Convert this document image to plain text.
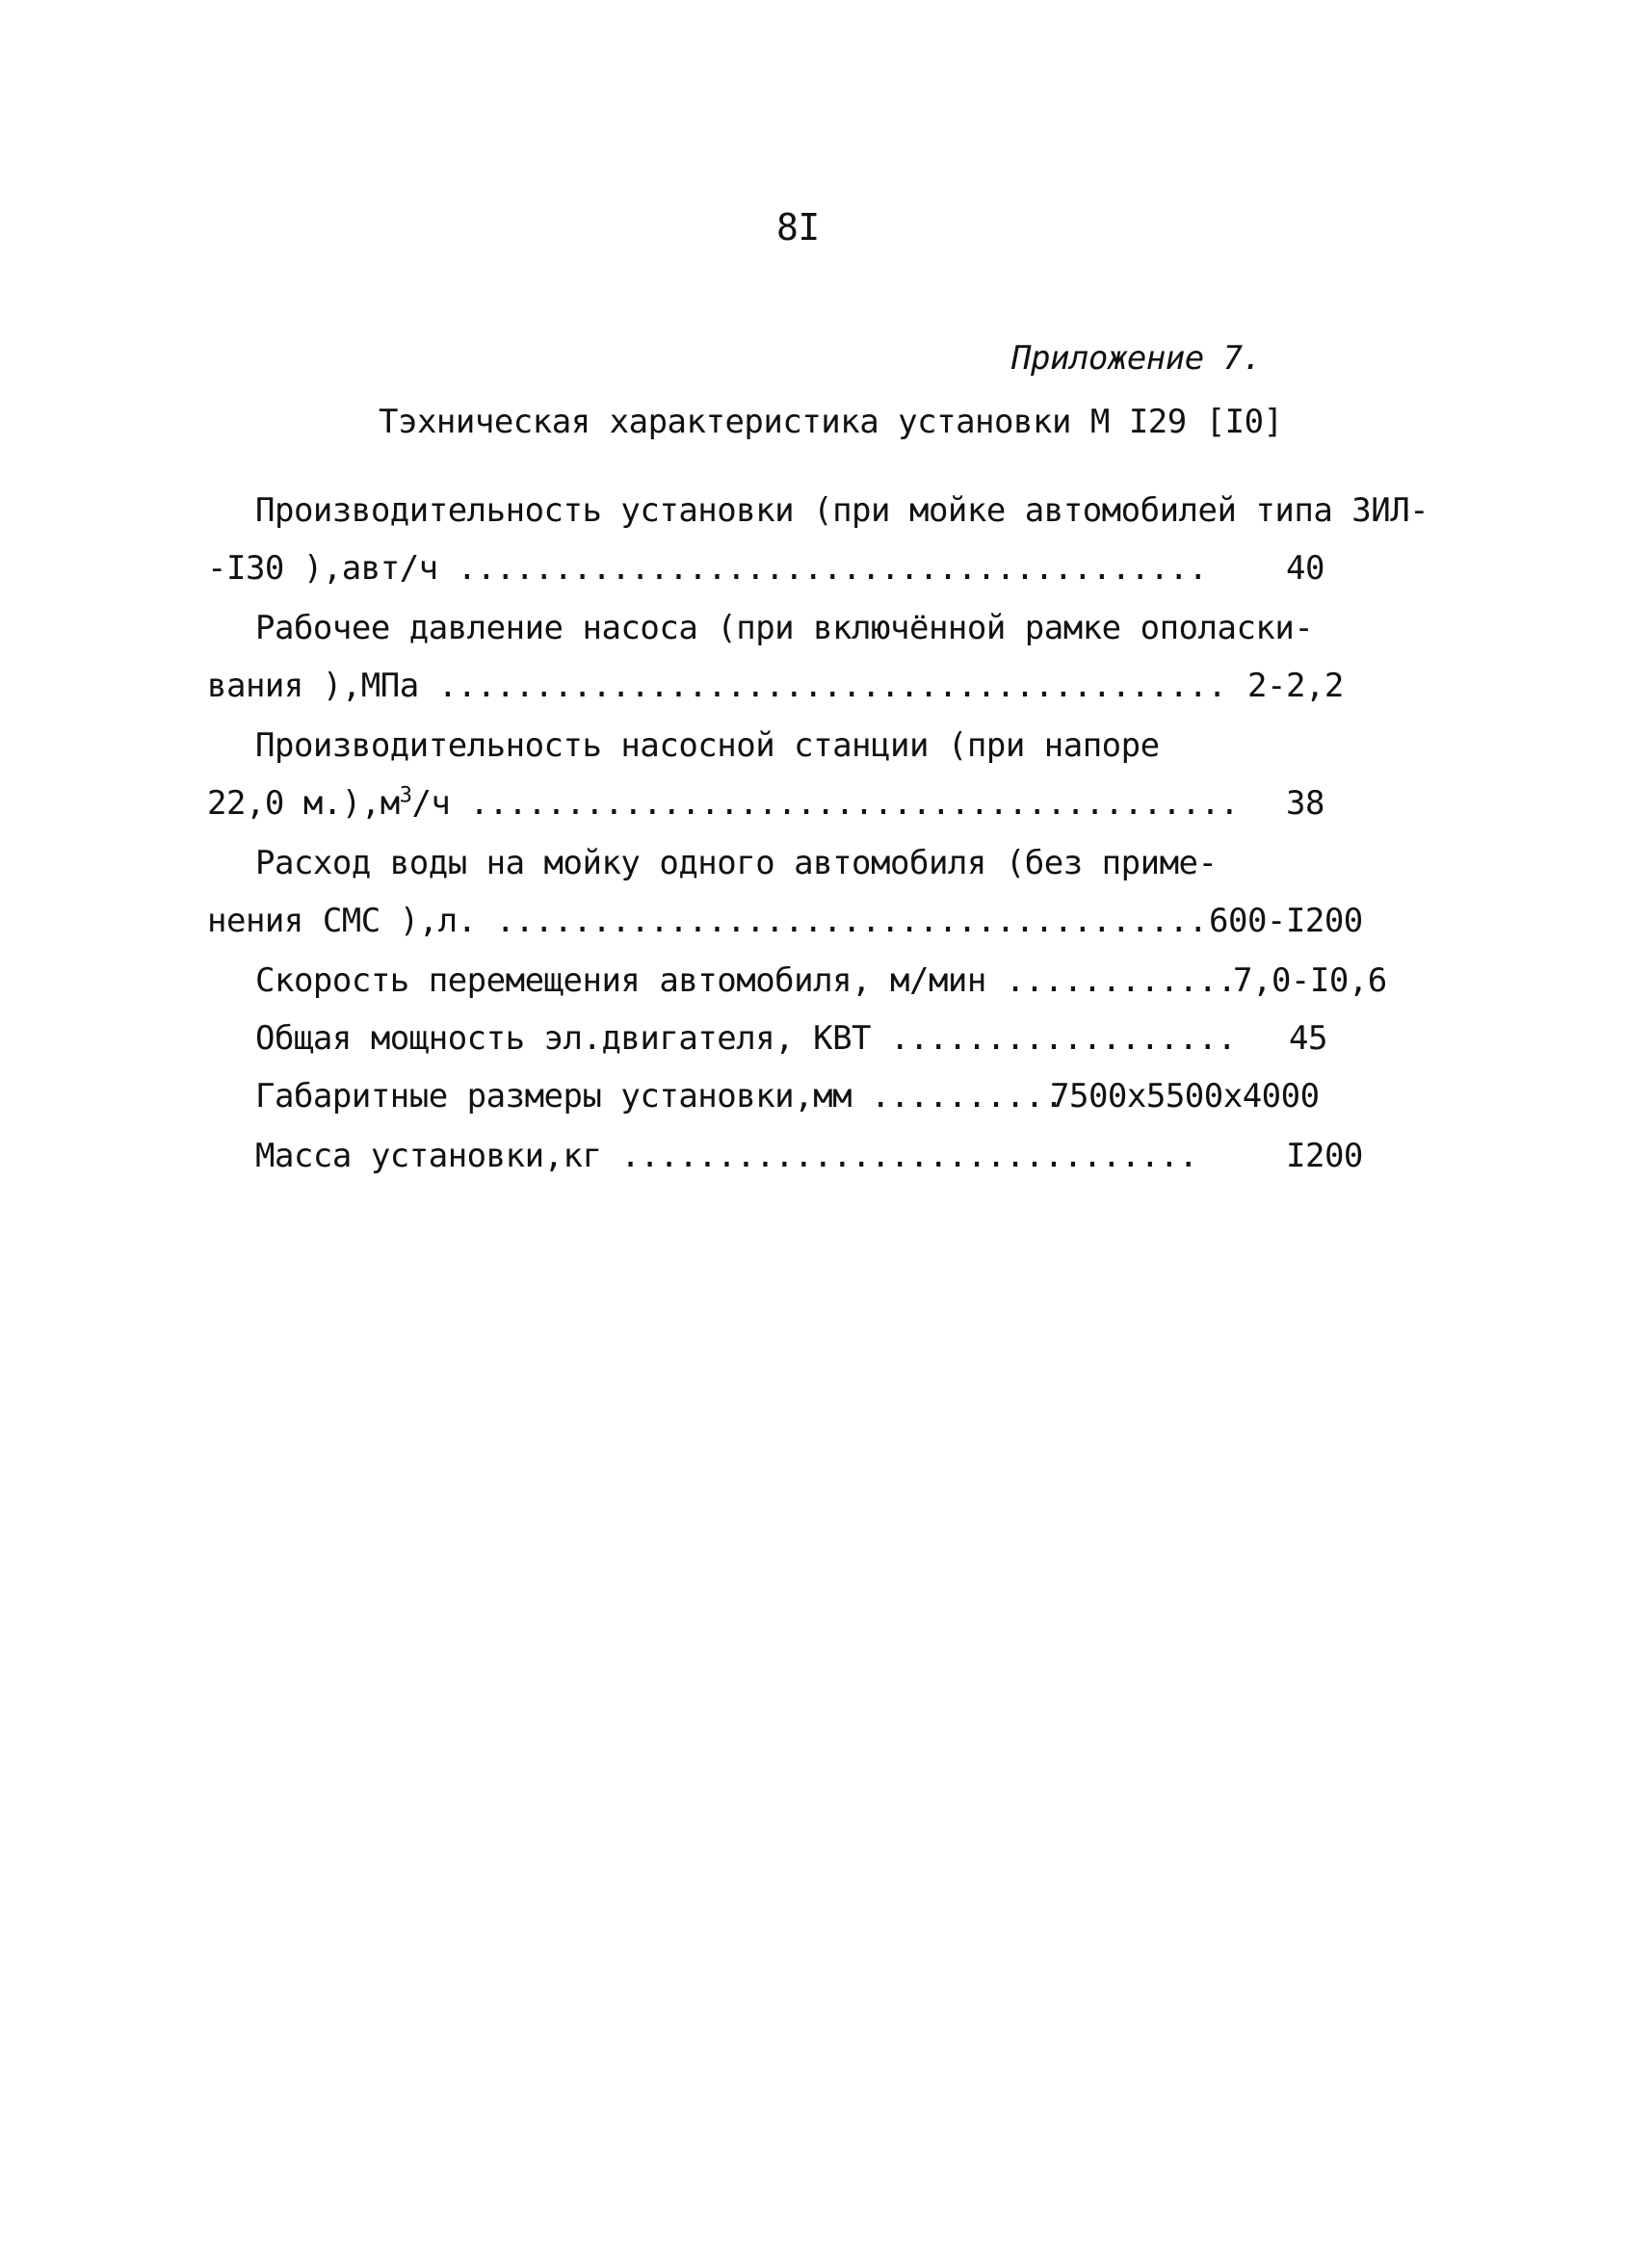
8I
Приложение 7.
Тэхническая характеристика установки М I29 [I0]
Производительность установки (при мойке автомобилей типа ЗИЛ-
-I30 ),авт/ч ....................................... 40
Рабочее давление насоса (при включённой рамке ополаски-
вания ),МПа ......................................... 2-2,2
Производительность насосной станции (при напоре
22,0 $м.),м^3/ч$ ........................................ 38
Расход воды на мойку одного автомобиля (без приме-
нения СМС ),л. ..................................... 600-I200
Скорость перемещения автомобиля, м/мин ............
7,0-I0,6
Общая мощность эл.двигателя, КВТ .................. 45
Габаритные размеры установки,мм ..........
7500х5500х4000
Масса установки,кг ..............................	I200
